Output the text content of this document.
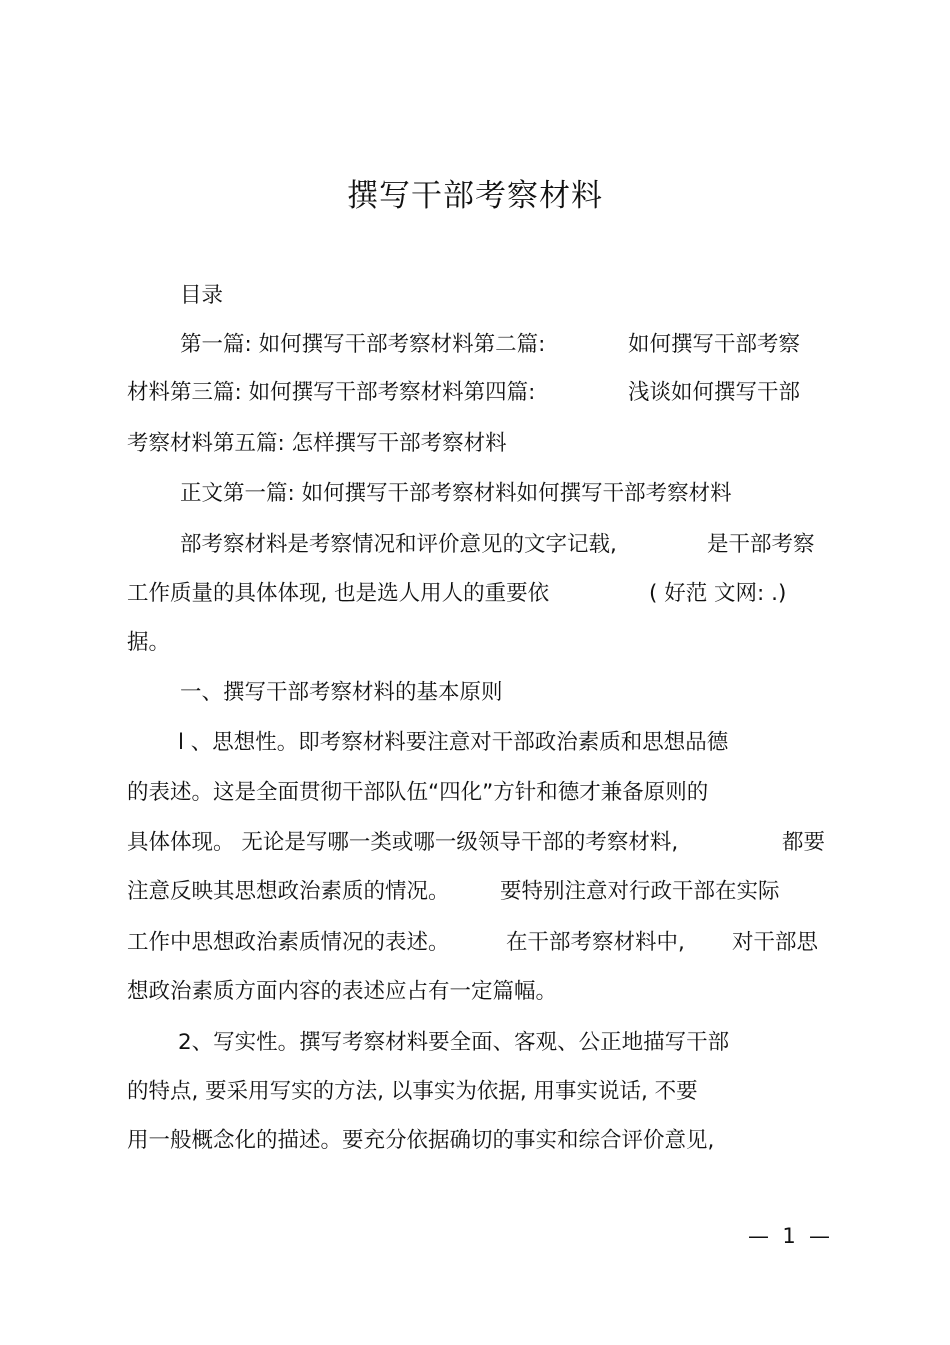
撰写干部考察材料
目录
第一篇: 如何撰写干部考察材料第二篇:	如何撰写干部考察
材料第三篇: 如何撰写干部考察材料第四篇:	浅谈如何撰写干部
考察材料第五篇: 怎样撰写干部考察材料
正文第一篇: 如何撰写干部考察材料如何撰写干部考察材料
部考察材料是考察情况和评价意见的文字记载,	是干部考察
工作质量的具体体现, 也是选人用人的重要依	( 好范 文网: .)
据。
一、撰写干部考察材料的基本原则
l 、思想性。即考察材料要注意对干部政治素质和思想品德
的表述。这是全面贯彻干部队伍“四化”方针和德才兼备原则的
具体体现。 无论是写哪一类或哪一级领导干部的考察材料,	都要
注意反映其思想政治素质的情况。 要特别注意对行政干部在实际
工作中思想政治素质情况的表述。	在干部考察材料中, 对干部思
想政治素质方面内容的表述应占有一定篇幅。
2、写实性。撰写考察材料要全面、客观、公正地描写干部
的特点, 要采用写实的方法, 以事实为依据, 用事实说话, 不要
用一般概念化的描述。要充分依据确切的事实和综合评价意见,
—  1  —
